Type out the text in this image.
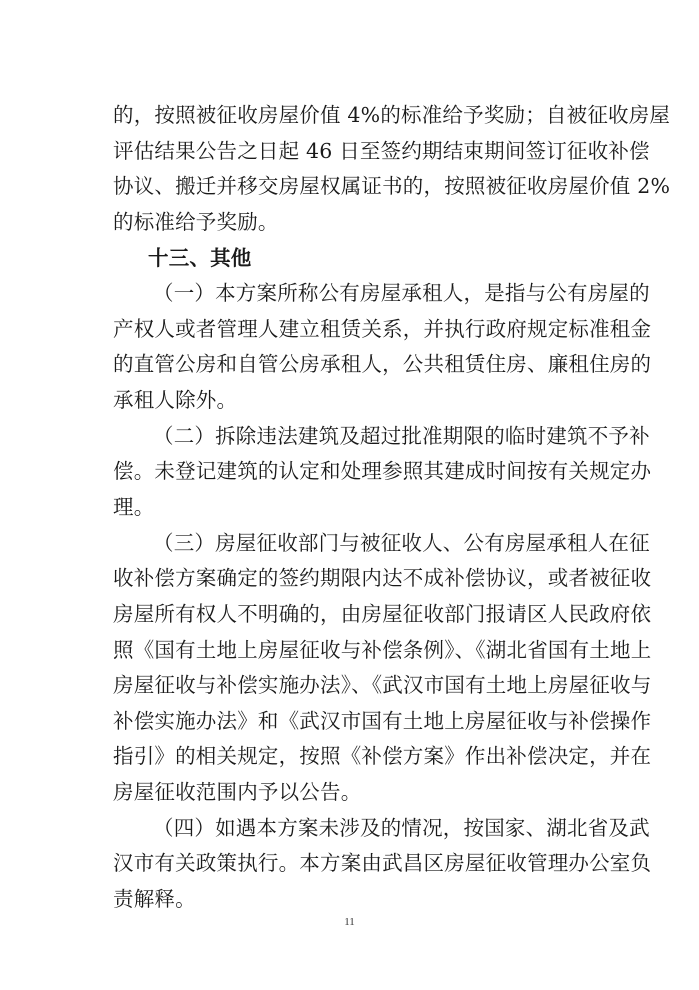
的，按照被征收房屋价值 4%的标准给予奖励；自被征收房屋
评估结果公告之日起 46 日至签约期结束期间签订征收补偿
协议、搬迁并移交房屋权属证书的，按照被征收房屋价值 2%
的标准给予奖励。
十三、其他
（一）本方案所称公有房屋承租人，是指与公有房屋的
产权人或者管理人建立租赁关系，并执行政府规定标准租金
的直管公房和自管公房承租人，公共租赁住房、廉租住房的
承租人除外。
（二）拆除违法建筑及超过批准期限的临时建筑不予补
偿。未登记建筑的认定和处理参照其建成时间按有关规定办
理。
（三）房屋征收部门与被征收人、公有房屋承租人在征
收补偿方案确定的签约期限内达不成补偿协议，或者被征收
房屋所有权人不明确的，由房屋征收部门报请区人民政府依
照《国有土地上房屋征收与补偿条例》、《湖北省国有土地上
房屋征收与补偿实施办法》、《武汉市国有土地上房屋征收与
补偿实施办法》和《武汉市国有土地上房屋征收与补偿操作
指引》的相关规定，按照《补偿方案》作出补偿决定，并在
房屋征收范围内予以公告。
（四）如遇本方案未涉及的情况，按国家、湖北省及武
汉市有关政策执行。本方案由武昌区房屋征收管理办公室负
责解释。
11
